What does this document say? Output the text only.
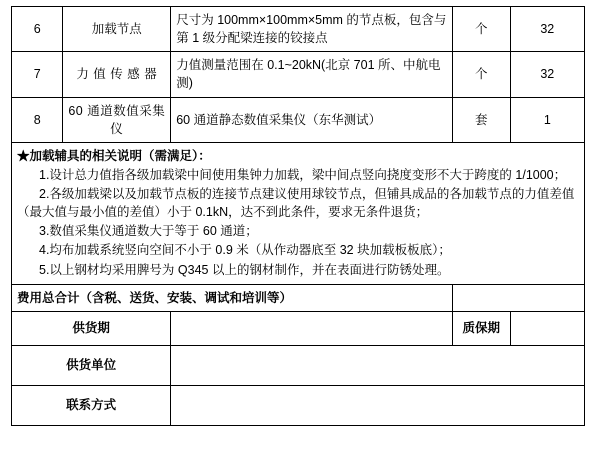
6	加载节点	尺寸为 100mm×100mm×5mm 的节点板，包含与第 1 级分配梁连接的铰接点	个	32
7	力 值 传 感 器	力值测量范围在 0.1~20kN(北京 701 所、中航电测)	个	32
8	60 通道数值采集仪	60 通道静态数值采集仪（东华测试）	套	1

★加载辅具的相关说明（需满足）：
1.设计总力值指各级加载梁中间使用集钟力加载，梁中间点竖向挠度变形不大于跨度的 1/1000；
2.各级加载梁以及加载节点板的连接节点建议使用球铰节点，但铺具成品的各加载节点的力值差值（最大值与最小值的差值）小于 0.1kN，达不到此条件，要求无条件退货；
3.数值采集仪通道数大于等于 60 通道；
4.均布加载系统竖向空间不小于 0.9 米（从作动器底至 32 块加载板板底）；
5.以上钢材均采用脾号为 Q345 以上的钢材制作，并在表面进行防锈处理。

费用总合计（含税、送货、安装、调试和培训等）				
供货期			质保期	
供货单位				
联系方式				
